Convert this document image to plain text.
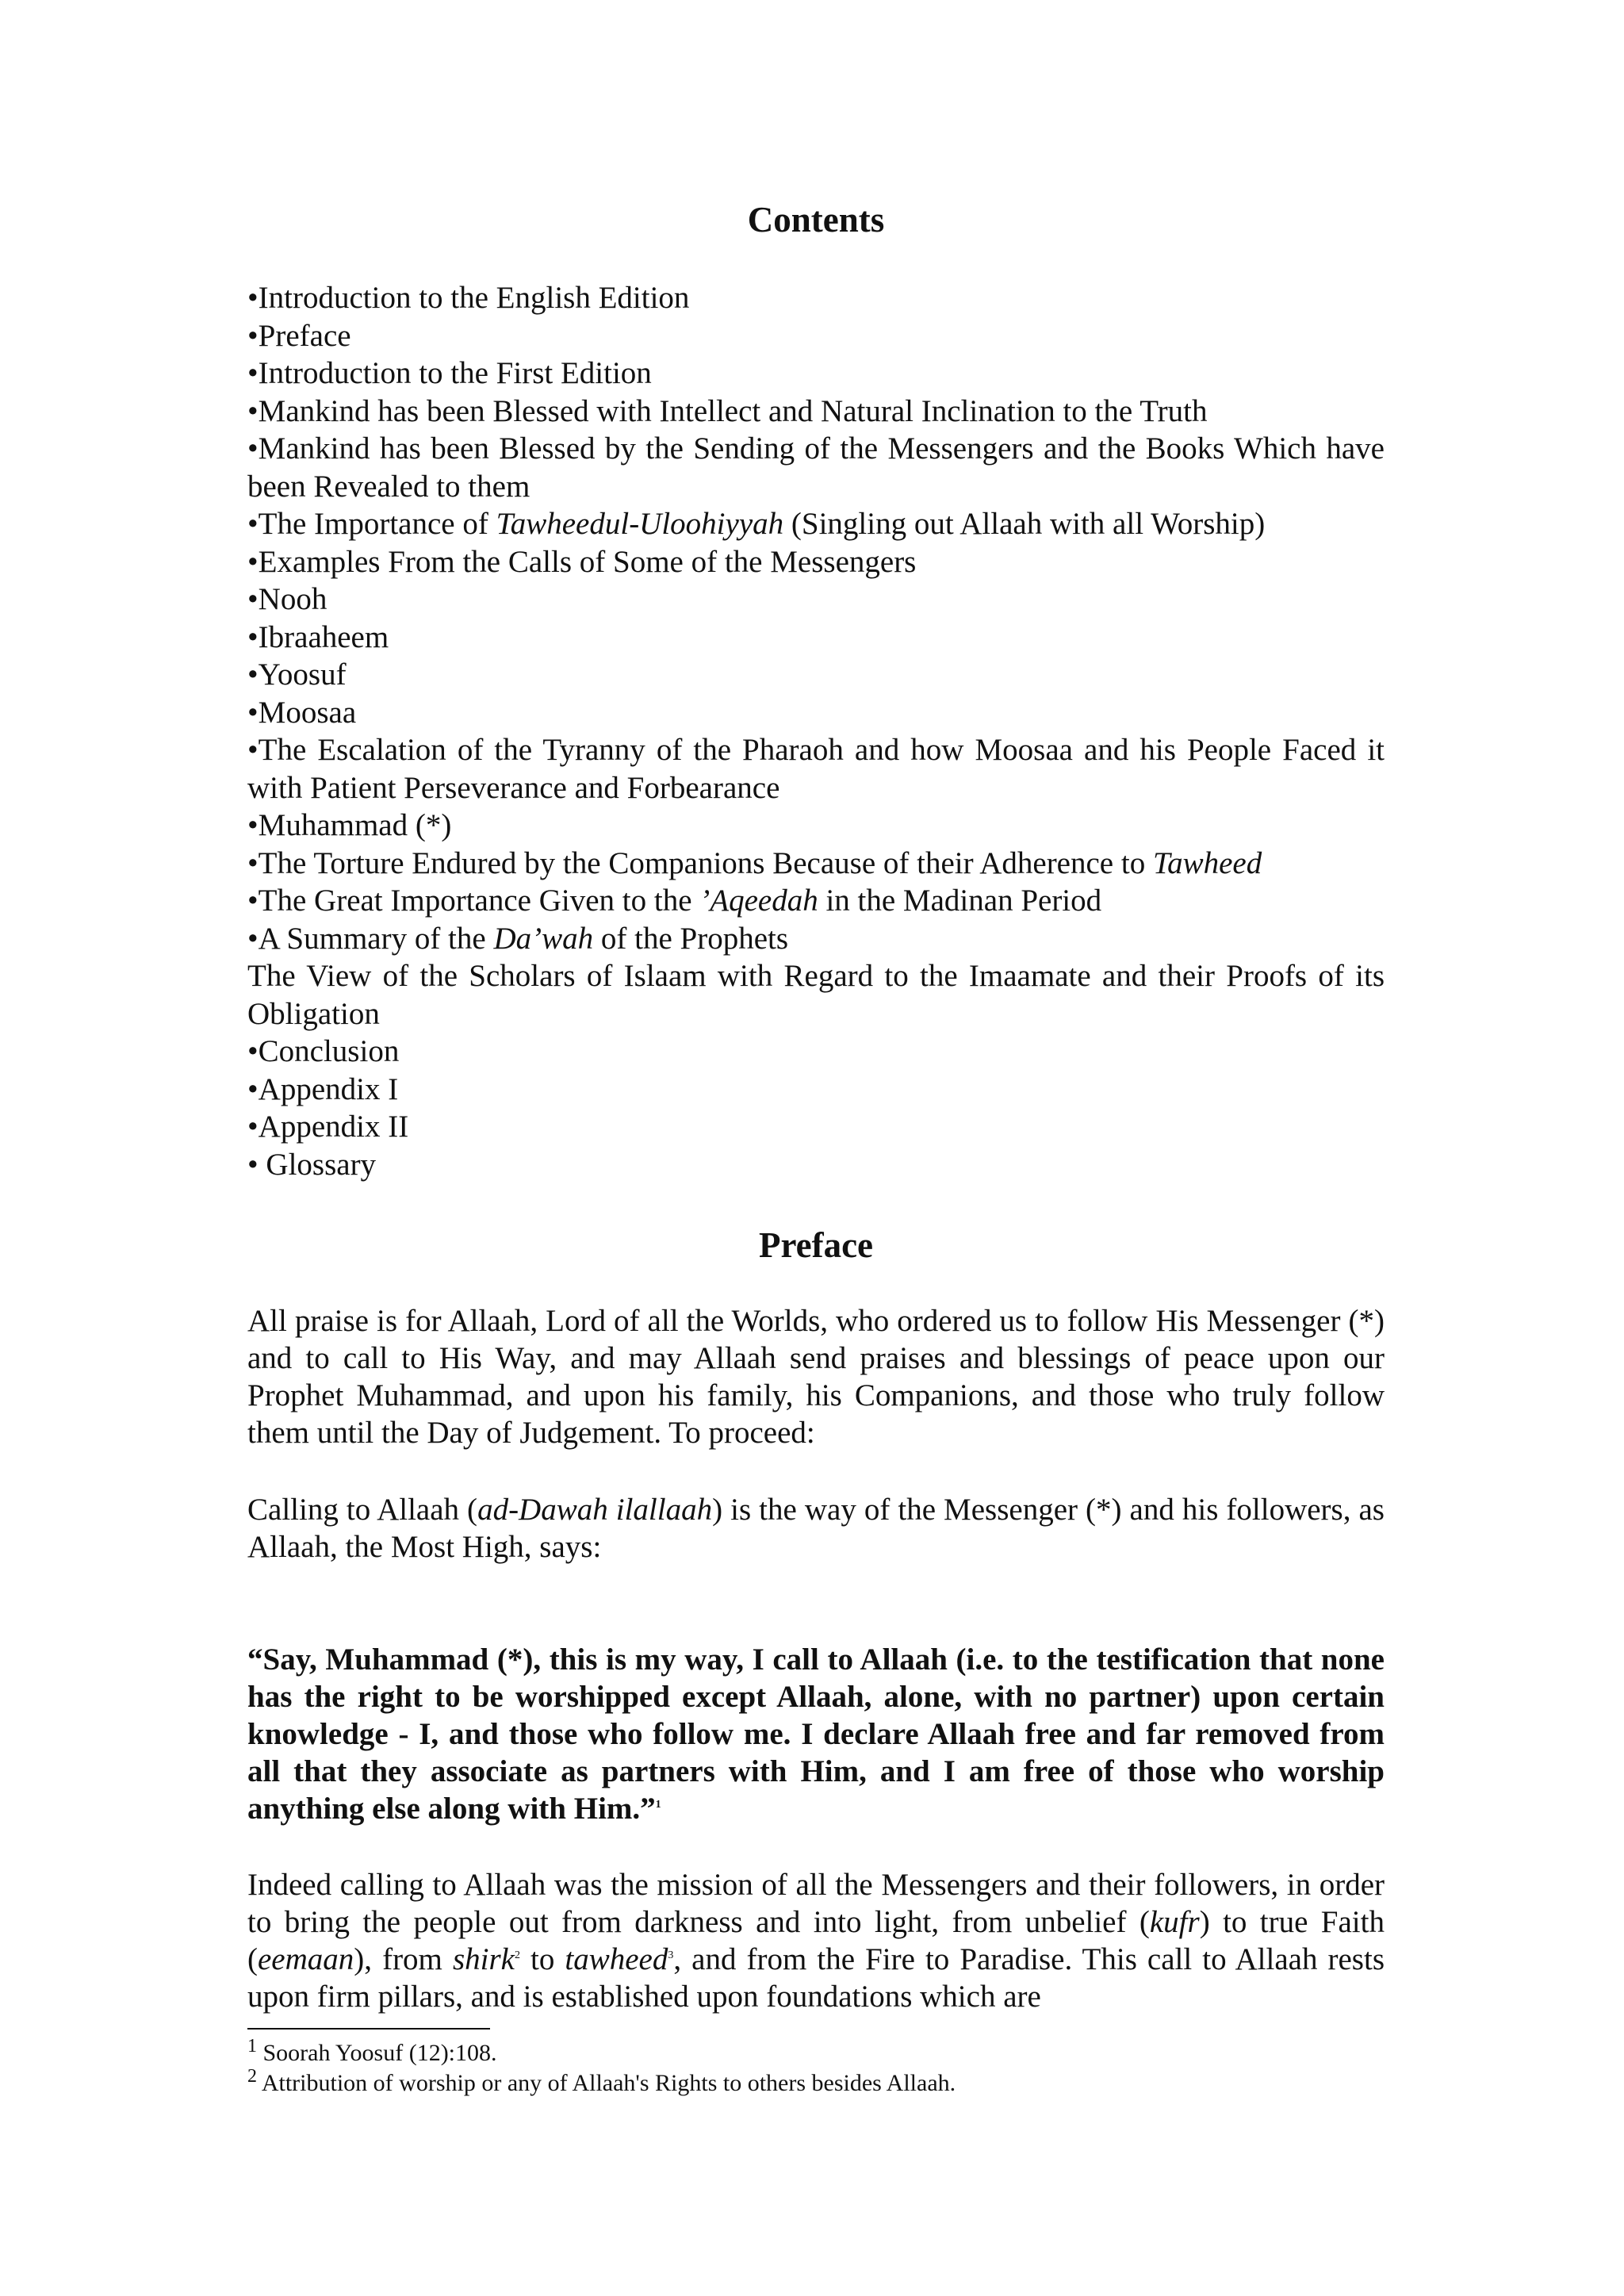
Contents
•Introduction to the English Edition
•Preface
•Introduction to the First Edition
•Mankind has been Blessed with Intellect and Natural Inclination to the Truth
•Mankind has been Blessed by the Sending of the Messengers and the Books Which have been Revealed to them
•The Importance of Tawheedul-Uloohiyyah (Singling out Allaah with all Worship)
•Examples From the Calls of Some of the Messengers
•Nooh
•Ibraaheem
•Yoosuf
•Moosaa
•The Escalation of the Tyranny of the Pharaoh and how Moosaa and his People Faced it with Patient Perseverance and Forbearance
•Muhammad (*)
•The Torture Endured by the Companions Because of their Adherence to Tawheed
•The Great Importance Given to the ’Aqeedah in the Madinan Period
•A Summary of the Da’wah of the Prophets
The View of the Scholars of Islaam with Regard to the Imaamate and their Proofs of its Obligation
•Conclusion
•Appendix I
•Appendix II
• Glossary
Preface

All praise is for Allaah, Lord of all the Worlds, who ordered us to follow His Messenger (*) and to call to His Way, and may Allaah send praises and blessings of peace upon our Prophet Muhammad, and upon his family, his Companions, and those who truly follow them until the Day of Judgement. To proceed:

Calling to Allaah (ad-Dawah ilallaah) is the way of the Messenger (*) and his followers, as Allaah, the Most High, says:

“Say, Muhammad (*), this is my way, I call to Allaah (i.e. to the testification that none has the right to be worshipped except Allaah, alone, with no partner) upon certain knowledge - I, and those who follow me. I declare Allaah free and far removed from all that they associate as partners with Him, and I am free of those who worship anything else along with Him.”$^1$

Indeed calling to Allaah was the mission of all the Messengers and their followers, in order to bring the people out from darkness and into light, from unbelief (kufr) to true Faith (eemaan), from shirk$^2$ to tawheed$^3$, and from the Fire to Paradise. This call to Allaah rests upon firm pillars, and is established upon foundations which are

$^1$ Soorah Yoosuf (12):108.

$^2$ Attribution of worship or any of Allaah's Rights to others besides Allaah.
